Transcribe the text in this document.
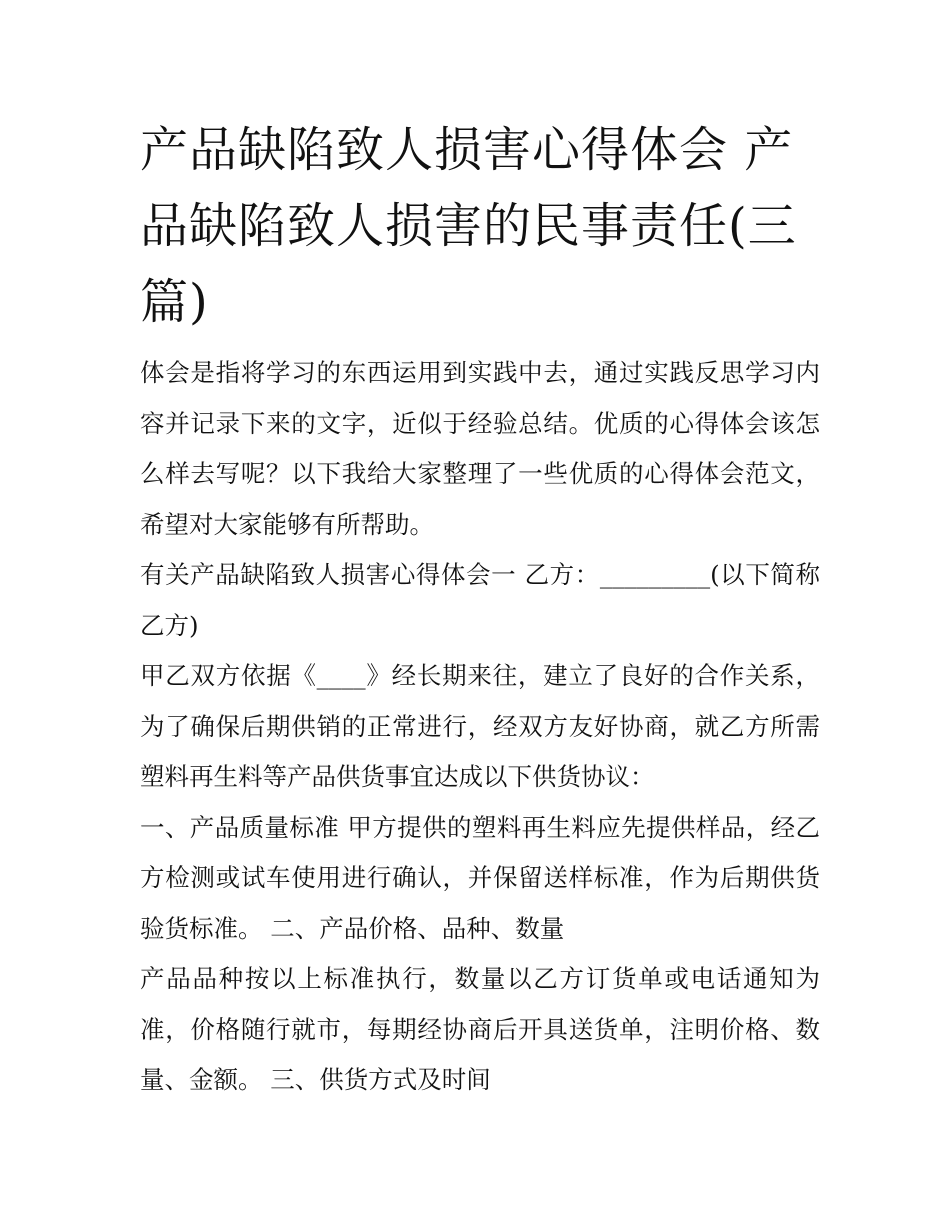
产品缺陷致人损害心得体会 产品缺陷致人损害的民事责任(三篇)

体会是指将学习的东西运用到实践中去，通过实践反思学习内容并记录下来的文字，近似于经验总结。优质的心得体会该怎么样去写呢？以下我给大家整理了一些优质的心得体会范文，希望对大家能够有所帮助。

有关产品缺陷致人损害心得体会一 乙方：_________(以下简称乙方)

甲乙双方依据《____》经长期来往，建立了良好的合作关系，为了确保后期供销的正常进行，经双方友好协商，就乙方所需塑料再生料等产品供货事宜达成以下供货协议：

一、产品质量标准 甲方提供的塑料再生料应先提供样品，经乙方检测或试车使用进行确认，并保留送样标准，作为后期供货验货标准。 二、产品价格、品种、数量

产品品种按以上标准执行，数量以乙方订货单或电话通知为准，价格随行就市，每期经协商后开具送货单，注明价格、数量、金额。 三、供货方式及时间
